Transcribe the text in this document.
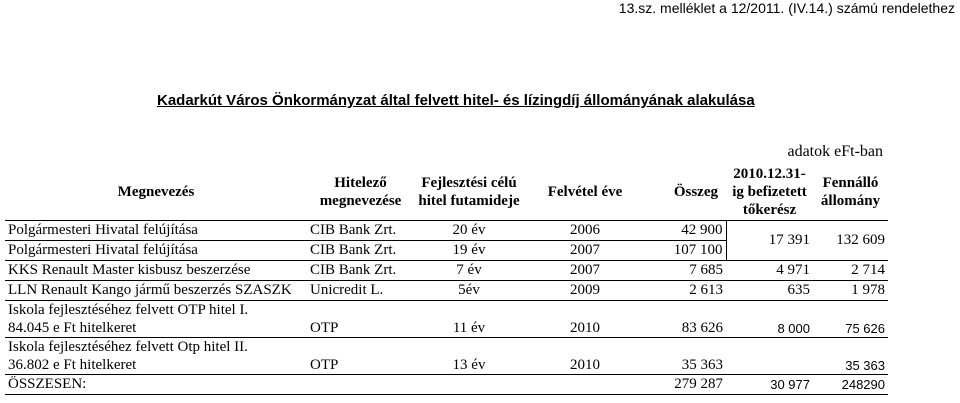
13.sz. melléklet a 12/2011. (IV.14.) számú rendelethez
Kadarkút Város Önkormányzat által felvett hitel- és lízingdíj állományának alakulása
adatok eFt-ban
Megnevezés	Hitelező megnevezése	Fejlesztési célú hitel futamideje	Felvétel éve	Összeg	2010.12.31-ig befizetett tőkerész	Fennálló állomány
Polgármesteri Hivatal felújítása	CIB Bank Zrt.	20 év	2006	42 900	17 391	132 609
Polgármesteri Hivatal felújítása	CIB Bank Zrt.	19 év	2007	107 100		
KKS Renault Master kisbusz beszerzése	CIB Bank Zrt.	7 év	2007	7 685	4 971	2 714
LLN Renault Kango jármű beszerzés SZASZK	Unicredit L.	5év	2009	2 613	635	1 978
Iskola fejlesztéséhez felvett OTP hitel I.						
84.045 e Ft hitelkeret	OTP	11 év	2010	83 626	8 000	75 626
Iskola fejlesztéséhez felvett Otp hitel II.						
36.802 e Ft hitelkeret	OTP	13 év	2010	35 363		35 363
ÖSSZESEN:				279 287	30 977	248290
